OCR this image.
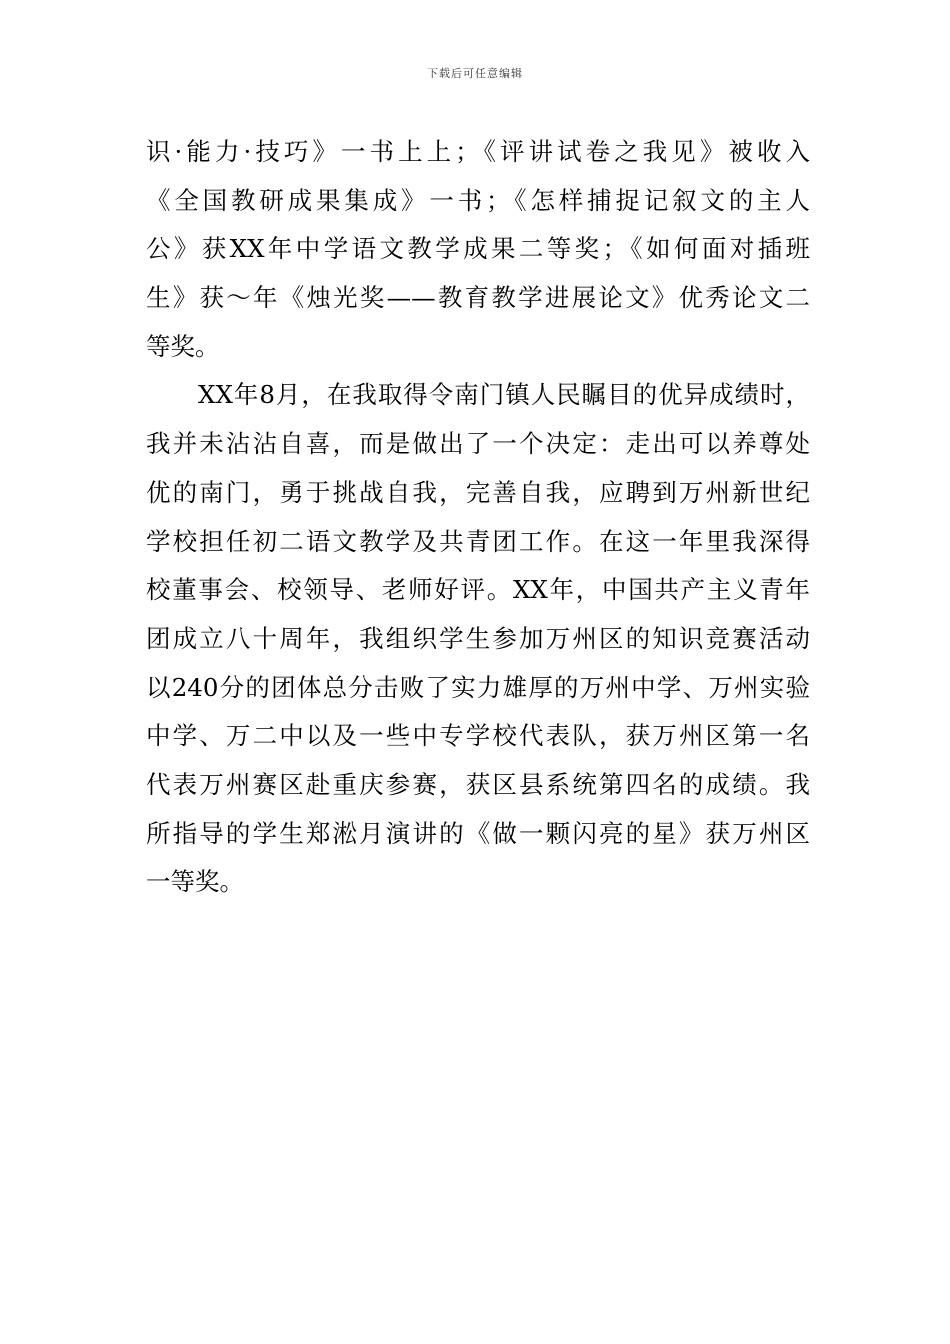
下载后可任意编辑
识·能力·技巧》一书上上；《评讲试卷之我见》被收入
《全国教研成果集成》一书；《怎样捕捉记叙文的主人
公》获XX年中学语文教学成果二等奖；《如何面对插班
生》获～年《烛光奖——教育教学进展论文》优秀论文二
等奖。
XX年8月，在我取得令南门镇人民瞩目的优异成绩时，
我并未沾沾自喜，而是做出了一个决定：走出可以养尊处
优的南门，勇于挑战自我，完善自我，应聘到万州新世纪
学校担任初二语文教学及共青团工作。在这一年里我深得
校董事会、校领导、老师好评。XX年，中国共产主义青年
团成立八十周年，我组织学生参加万州区的知识竞赛活动
以240分的团体总分击败了实力雄厚的万州中学、万州实验
中学、万二中以及一些中专学校代表队，获万州区第一名
代表万州赛区赴重庆参赛，获区县系统第四名的成绩。我
所指导的学生郑淞月演讲的《做一颗闪亮的星》获万州区
一等奖。
